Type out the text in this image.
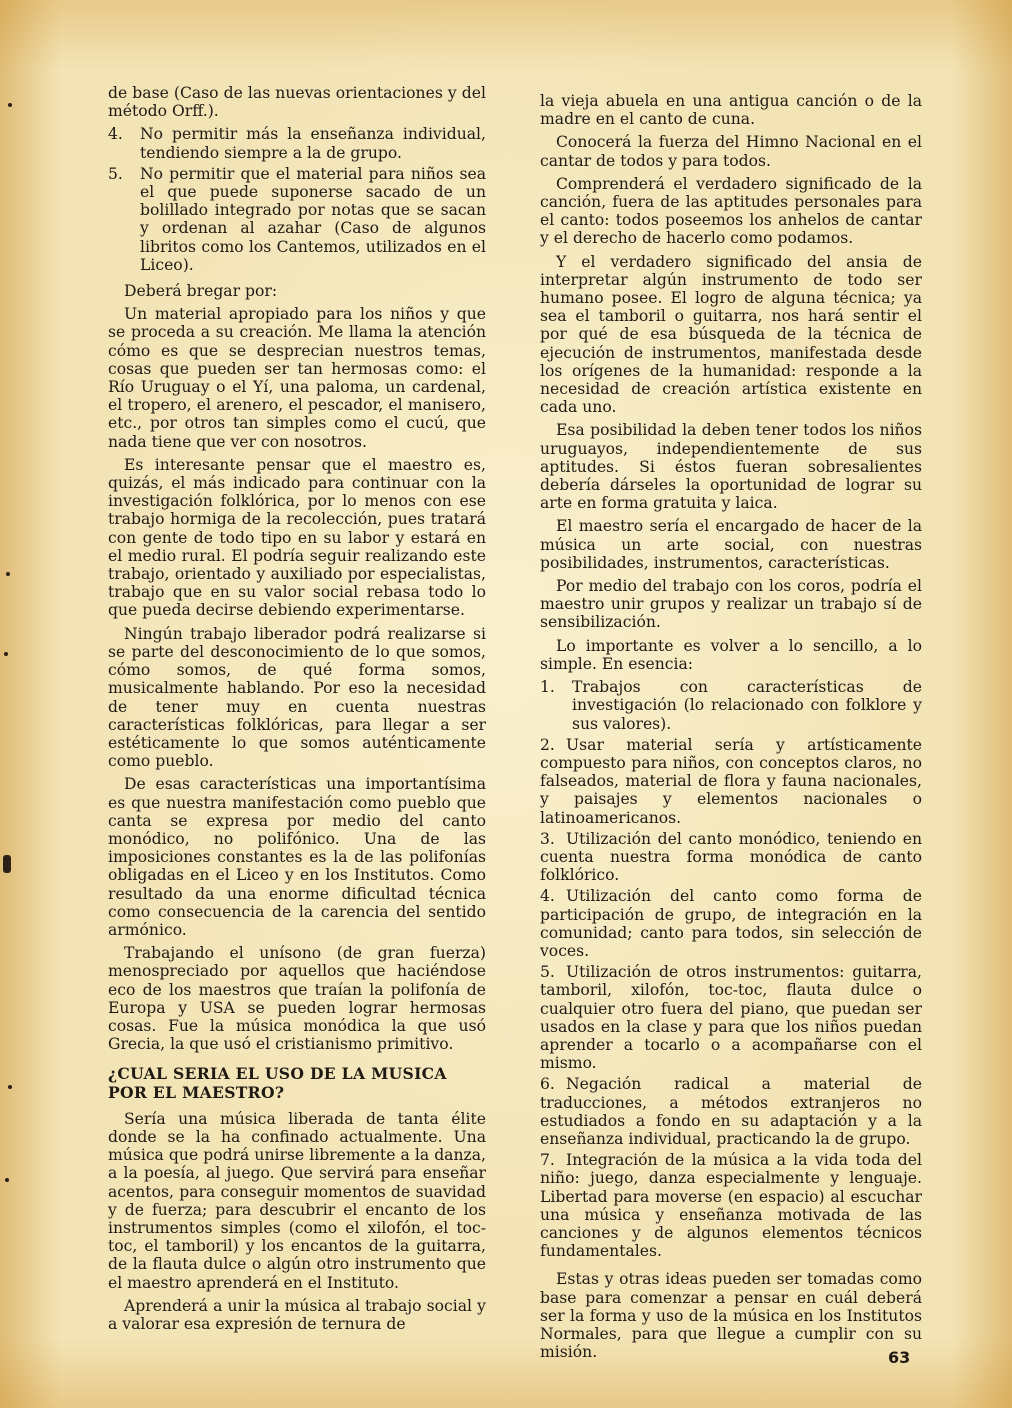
de base (Caso de las nuevas orientaciones y del método Orff.).

4. No permitir más la enseñanza individual, tendiendo siempre a la de grupo.

5. No permitir que el material para niños sea el que puede suponerse sacado de un bolillado integrado por notas que se sacan y ordenan al azahar (Caso de algunos libritos como los Cantemos, utilizados en el Liceo).

Deberá bregar por:

Un material apropiado para los niños y que se proceda a su creación. Me llama la atención cómo es que se desprecian nuestros temas, cosas que pueden ser tan hermosas como: el Río Uruguay o el Yí, una paloma, un cardenal, el tropero, el arenero, el pescador, el manisero, etc., por otros tan simples como el cucú, que nada tiene que ver con nosotros.

Es interesante pensar que el maestro es, quizás, el más indicado para continuar con la investigación folklórica, por lo menos con ese trabajo hormiga de la recolección, pues tratará con gente de todo tipo en su labor y estará en el medio rural. El podría seguir realizando este trabajo, orientado y auxiliado por especialistas, trabajo que en su valor social rebasa todo lo que pueda decirse debiendo experimentarse.

Ningún trabajo liberador podrá realizarse si se parte del desconocimiento de lo que somos, cómo somos, de qué forma somos, musicalmente hablando. Por eso la necesidad de tener muy en cuenta nuestras características folklóricas, para llegar a ser estéticamente lo que somos auténticamente como pueblo.

De esas características una importantísima es que nuestra manifestación como pueblo que canta se expresa por medio del canto monódico, no polifónico. Una de las imposiciones constantes es la de las polifonías obligadas en el Liceo y en los Institutos. Como resultado da una enorme dificultad técnica como consecuencia de la carencia del sentido armónico.

Trabajando el unísono (de gran fuerza) menospreciado por aquellos que haciéndose eco de los maestros que traían la polifonía de Europa y USA se pueden lograr hermosas cosas. Fue la música monódica la que usó Grecia, la que usó el cristianismo primitivo.

¿CUAL SERIA EL USO DE LA MUSICA POR EL MAESTRO?

Sería una música liberada de tanta élite donde se la ha confinado actualmente. Una música que podrá unirse libremente a la danza, a la poesía, al juego. Que servirá para enseñar acentos, para conseguir momentos de suavidad y de fuerza; para descubrir el encanto de los instrumentos simples (como el xilofón, el toc-toc, el tamboril) y los encantos de la guitarra, de la flauta dulce o algún otro instrumento que el maestro aprenderá en el Instituto.

Aprenderá a unir la música al trabajo social y a valorar esa expresión de ternura de

la vieja abuela en una antigua canción o de la madre en el canto de cuna.

Conocerá la fuerza del Himno Nacional en el cantar de todos y para todos.

Comprenderá el verdadero significado de la canción, fuera de las aptitudes personales para el canto: todos poseemos los anhelos de cantar y el derecho de hacerlo como podamos.

Y el verdadero significado del ansia de interpretar algún instrumento de todo ser humano posee. El logro de alguna técnica; ya sea el tamboril o guitarra, nos hará sentir el por qué de esa búsqueda de la técnica de ejecución de instrumentos, manifestada desde los orígenes de la humanidad: responde a la necesidad de creación artística existente en cada uno.

Esa posibilidad la deben tener todos los niños uruguayos, independientemente de sus aptitudes. Si éstos fueran sobresalientes debería dárseles la oportunidad de lograr su arte en forma gratuita y laica.

El maestro sería el encargado de hacer de la música un arte social, con nuestras posibilidades, instrumentos, características.

Por medio del trabajo con los coros, podría el maestro unir grupos y realizar un trabajo sí de sensibilización.

Lo importante es volver a lo sencillo, a lo simple. En esencia:

1. Trabajos con características de investigación (lo relacionado con folklore y sus valores).

2. Usar material sería y artísticamente compuesto para niños, con conceptos claros, no falseados, material de flora y fauna nacionales, y paisajes y elementos nacionales o latinoamericanos.

3. Utilización del canto monódico, teniendo en cuenta nuestra forma monódica de canto folklórico.

4. Utilización del canto como forma de participación de grupo, de integración en la comunidad; canto para todos, sin selección de voces.

5. Utilización de otros instrumentos: guitarra, tamboril, xilofón, toc-toc, flauta dulce o cualquier otro fuera del piano, que puedan ser usados en la clase y para que los niños puedan aprender a tocarlo o a acompañarse con el mismo.

6. Negación radical a material de traducciones, a métodos extranjeros no estudiados a fondo en su adaptación y a la enseñanza individual, practicando la de grupo.

7. Integración de la música a la vida toda del niño: juego, danza especialmente y lenguaje. Libertad para moverse (en espacio) al escuchar una música y enseñanza motivada de las canciones y de algunos elementos técnicos fundamentales.

Estas y otras ideas pueden ser tomadas como base para comenzar a pensar en cuál deberá ser la forma y uso de la música en los Institutos Normales, para que llegue a cumplir con su misión.	63
